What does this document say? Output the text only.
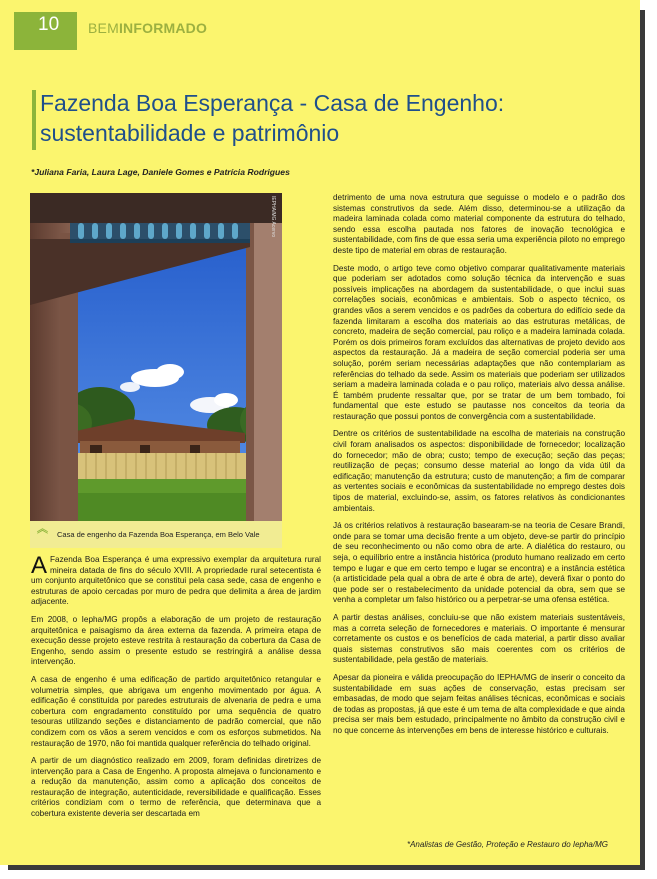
10	BEMINFORMADO
Fazenda Boa Esperança - Casa de Engenho:
sustentabilidade e patrimônio
*Juliana Faria, Laura Lage, Daniele Gomes e Patrícia Rodrigues
IEPHA/MG Acervo
︽ Casa de engenho da Fazenda Boa Esperança, em Belo Vale

A Fazenda Boa Esperança é uma expressivo exemplar da arquitetura rural mineira datada de fins do século XVIII. A propriedade rural setecentista é um conjunto arquitetônico que se constitui pela casa sede, casa de engenho e estruturas de apoio cercadas por muro de pedra que delimita a área de jardim adjacente.

Em 2008, o Iepha/MG propôs a elaboração de um projeto de restauração arquitetônica e paisagismo da área externa da fazenda. A primeira etapa de execução desse projeto esteve restrita à restauração da cobertura da Casa de Engenho, sendo assim o presente estudo se restringirá a análise dessa intervenção.

A casa de engenho é uma edificação de partido arquitetônico retangular e volumetria simples, que abrigava um engenho movimentado por água. A edificação é constituída por paredes estruturais de alvenaria de pedra e uma cobertura com engradamento constituído por uma sequência de quatro tesouras utilizando seções e distanciamento de padrão comercial, que não condizem com os vãos a serem vencidos e com os esforços submetidos. Na restauração de 1970, não foi mantida qualquer referência do telhado original.

A partir de um diagnóstico realizado em 2009, foram definidas diretrizes de intervenção para a Casa de Engenho. A proposta almejava o funcionamento e a redução da manutenção, assim como a aplicação dos conceitos de restauração de integração, autenticidade, reversibilidade e qualificação. Esses critérios condiziam com o termo de referência, que determinava que a cobertura existente deveria ser descartada em

detrimento de uma nova estrutura que seguisse o modelo e o padrão dos sistemas construtivos da sede. Além disso, determinou-se a utilização da madeira laminada colada como material componente da estrutura do telhado, sendo essa escolha pautada nos fatores de inovação tecnológica e sustentabilidade, com fins de que essa seria uma experiência piloto no emprego deste tipo de material em obras de restauração.

Deste modo, o artigo teve como objetivo comparar qualitativamente materiais que poderiam ser adotados como solução técnica da intervenção e suas possíveis implicações na abordagem da sustentabilidade, o que inclui suas correlações sociais, econômicas e ambientais. Sob o aspecto técnico, os grandes vãos a serem vencidos e os padrões da cobertura do edifício sede da fazenda limitaram a escolha dos materiais ao das estruturas metálicas, de concreto, madeira de seção comercial, pau roliço e a madeira laminada colada. Porém os dois primeiros foram excluídos das alternativas de projeto devido aos aspectos da restauração. Já a madeira de seção comercial poderia ser uma solução, porém seriam necessárias adaptações que não contemplariam as referências do telhado da sede. Assim os materiais que poderiam ser utilizados seriam a madeira laminada colada e o pau roliço, materiais alvo dessa análise. É também prudente ressaltar que, por se tratar de um bem tombado, foi fundamental que este estudo se pautasse nos conceitos da teoria da restauração que possui pontos de convergência com a sustentabilidade.

Dentre os critérios de sustentabilidade na escolha de materiais na construção civil foram analisados os aspectos: disponibilidade de fornecedor; localização do fornecedor; mão de obra; custo; tempo de execução; seção das peças; reutilização de peças; consumo desse material ao longo da vida útil da edificação; manutenção da estrutura; custo de manutenção; a fim de comparar as vertentes sociais e econômicas da sustentabilidade no emprego destes dois tipos de material, excluindo-se, assim, os fatores relativos às condicionantes ambientais.

Já os critérios relativos à restauração basearam-se na teoria de Cesare Brandi, onde para se tomar uma decisão frente a um objeto, deve-se partir do princípio de seu reconhecimento ou não como obra de arte. A dialética do restauro, ou seja, o equilíbrio entre a instância histórica (produto humano realizado em certo tempo e lugar e que em certo tempo e lugar se encontra) e a instância estética (a artisticidade pela qual a obra de arte é obra de arte), deverá fixar o ponto do que pode ser o restabelecimento da unidade potencial da obra, sem que se venha a completar um falso histórico ou a perpetrar-se uma ofensa estética.

A partir destas análises, concluiu-se que não existem materiais sustentáveis, mas a correta seleção de fornecedores e materiais. O importante é mensurar corretamente os custos e os benefícios de cada material, a partir disso avaliar quais sistemas construtivos são mais coerentes com os critérios de sustentabilidade, pela gestão de materiais.

Apesar da pioneira e válida preocupação do IEPHA/MG de inserir o conceito da sustentabilidade em suas ações de conservação, estas precisam ser embasadas, de modo que sejam feitas análises técnicas, econômicas e sociais de todas as propostas, já que este é um tema de alta complexidade e que ainda precisa ser mais bem estudado, principalmente no âmbito da construção civil e no que concerne às intervenções em bens de interesse histórico e culturais.

*Analistas de Gestão, Proteção e Restauro do Iepha/MG
